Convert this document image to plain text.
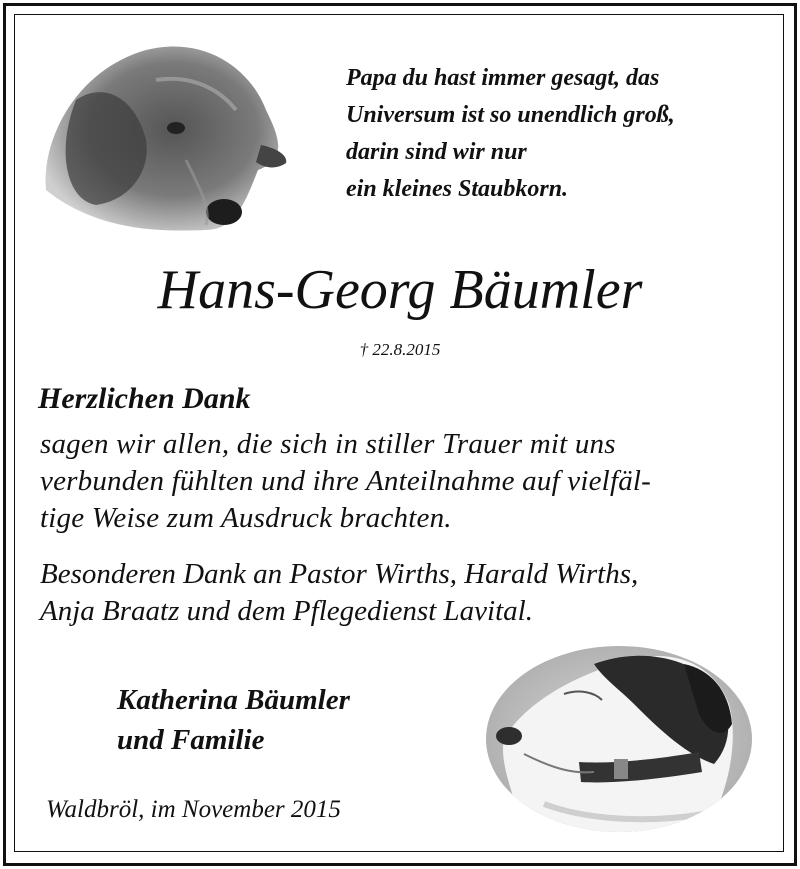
Papa du hast immer gesagt, das
Universum ist so unendlich groß,
darin sind wir nur
ein kleines Staubkorn.
Hans-Georg Bäumler
† 22.8.2015
Herzlichen Dank
sagen wir allen, die sich in stiller Trauer mit uns
verbunden fühlten und ihre Anteilnahme auf vielfäl-
tige Weise zum Ausdruck brachten.
Besonderen Dank an Pastor Wirths, Harald Wirths,
Anja Braatz und dem Pflegedienst Lavital.
Katherina Bäumler
und Familie
Waldbröl, im November 2015
